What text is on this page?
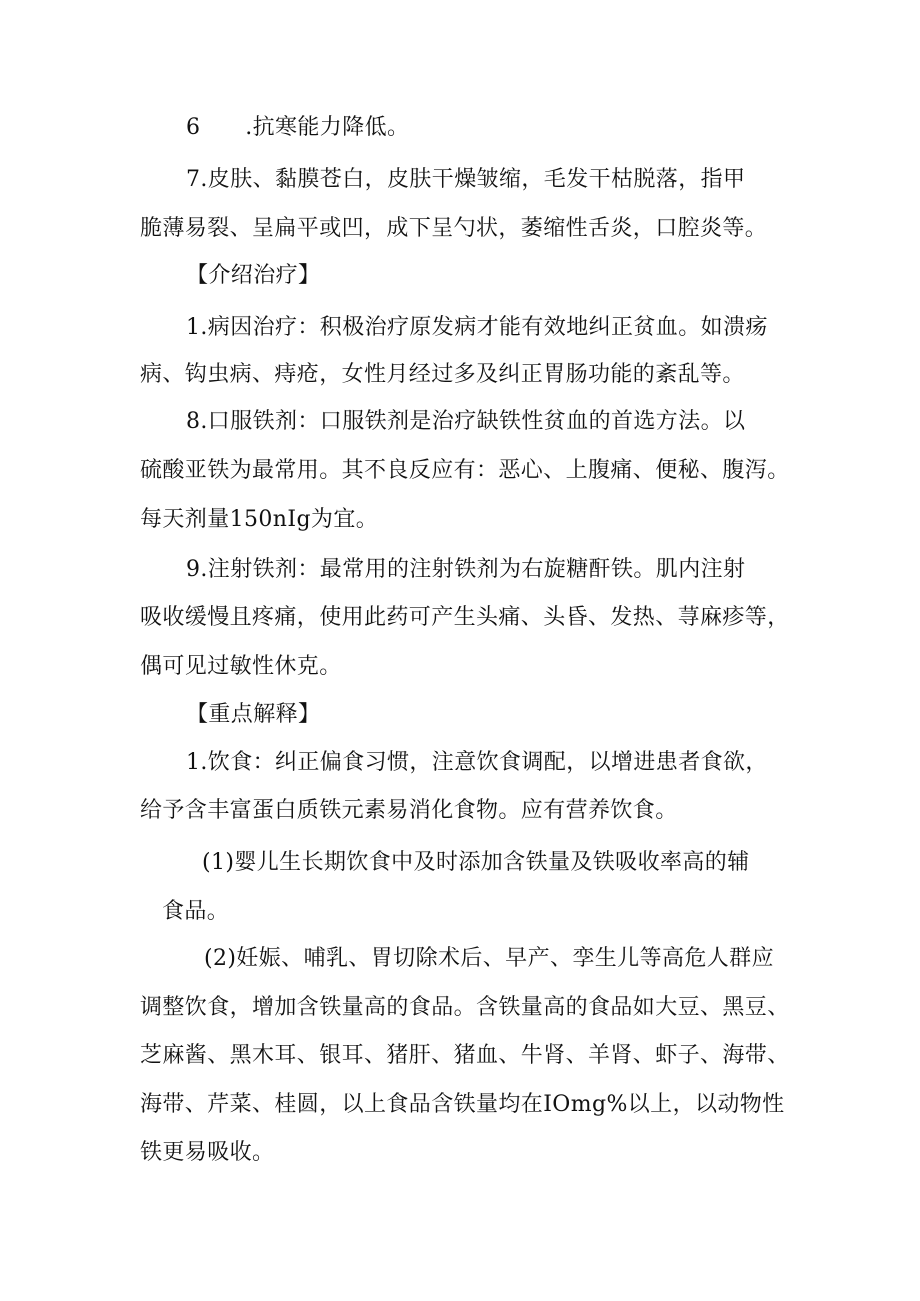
6　　.抗寒能力降低。
7.皮肤、黏膜苍白，皮肤干燥皱缩，毛发干枯脱落，指甲
脆薄易裂、呈扁平或凹，成下呈勺状，萎缩性舌炎，口腔炎等。
【介绍治疗】
1.病因治疗：积极治疗原发病才能有效地纠正贫血。如溃疡
病、钩虫病、痔疮，女性月经过多及纠正胃肠功能的紊乱等。
8.口服铁剂：口服铁剂是治疗缺铁性贫血的首选方法。以
硫酸亚铁为最常用。其不良反应有：恶心、上腹痛、便秘、腹泻。
每天剂量150nIg为宜。
9.注射铁剂：最常用的注射铁剂为右旋糖酐铁。肌内注射
吸收缓慢且疼痛，使用此药可产生头痛、头昏、发热、荨麻疹等，
偶可见过敏性休克。
【重点解释】
1.饮食：纠正偏食习惯，注意饮食调配，以增进患者食欲，
给予含丰富蛋白质铁元素易消化食物。应有营养饮食。
(1)婴儿生长期饮食中及时添加含铁量及铁吸收率高的辅
食品。
(2)妊娠、哺乳、胃切除术后、早产、孪生儿等高危人群应
调整饮食，增加含铁量高的食品。含铁量高的食品如大豆、黑豆、
芝麻酱、黑木耳、银耳、猪肝、猪血、牛肾、羊肾、虾子、海带、
海带、芹菜、桂圆，以上食品含铁量均在IOmg%以上，以动物性
铁更易吸收。
